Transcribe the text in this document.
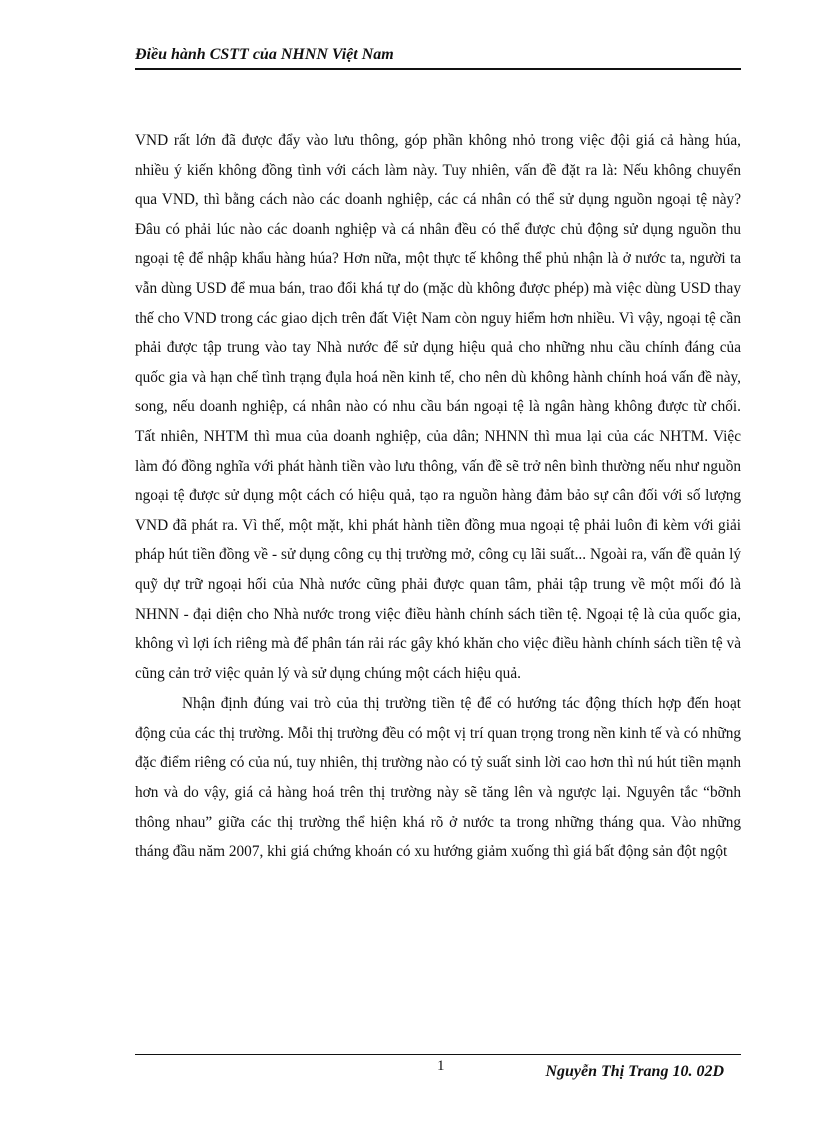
Điều hành CSTT của NHNN Việt Nam

VND rất lớn đã được đẩy vào lưu thông, góp phần không nhỏ trong việc đội giá cả hàng húa, nhiều ý kiến không đồng tình với cách làm này. Tuy nhiên, vấn đề đặt ra là: Nếu không chuyển qua VND, thì bằng cách nào các doanh nghiệp, các cá nhân có thể sử dụng nguồn ngoại tệ này? Đâu có phải lúc nào các doanh nghiệp và cá nhân đều có thể được chủ động sử dụng nguồn thu ngoại tệ để nhập khẩu hàng húa? Hơn nữa, một thực tế không thể phủ nhận là ở nước ta, người ta vẫn dùng USD để mua bán, trao đổi khá tự do (mặc dù không được phép) mà việc dùng USD thay thế cho VND trong các giao dịch trên đất Việt Nam còn nguy hiểm hơn nhiều. Vì vậy, ngoại tệ cần phải được tập trung vào tay Nhà nước để sử dụng hiệu quả cho những nhu cầu chính đáng của quốc gia và hạn chế tình trạng đụla hoá nền kinh tế, cho nên dù không hành chính hoá vấn đề này, song, nếu doanh nghiệp, cá nhân nào có nhu cầu bán ngoại tệ là ngân hàng không được từ chối. Tất nhiên, NHTM thì mua của doanh nghiệp, của dân; NHNN thì mua lại của các NHTM. Việc làm đó đồng nghĩa với phát hành tiền vào lưu thông, vấn đề sẽ trở nên bình thường nếu như nguồn ngoại tệ được sử dụng một cách có hiệu quả, tạo ra nguồn hàng đảm bảo sự cân đối với số lượng VND đã phát ra. Vì thế, một mặt, khi phát hành tiền đồng mua ngoại tệ phải luôn đi kèm với giải pháp hút tiền đồng về - sử dụng công cụ thị trường mở, công cụ lãi suất... Ngoài ra, vấn đề quản lý quỹ dự trữ ngoại hối của Nhà nước cũng phải được quan tâm, phải tập trung về một mối đó là NHNN - đại diện cho Nhà nước trong việc điều hành chính sách tiền tệ. Ngoại tệ là của quốc gia, không vì lợi ích riêng mà để phân tán rải rác gây khó khăn cho việc điều hành chính sách tiền tệ và cũng cản trở việc quản lý và sử dụng chúng một cách hiệu quả.

Nhận định đúng vai trò của thị trường tiền tệ để có hướng tác động thích hợp đến hoạt động của các thị trường. Mỗi thị trường đều có một vị trí quan trọng trong nền kinh tế và có những đặc điểm riêng có của nú, tuy nhiên, thị trường nào có tỷ suất sinh lời cao hơn thì nú hút tiền mạnh hơn và do vậy, giá cả hàng hoá trên thị trường này sẽ tăng lên và ngược lại. Nguyên tắc “bỡnh thông nhau” giữa các thị trường thể hiện khá rõ ở nước ta trong những tháng qua. Vào những tháng đầu năm 2007, khi giá chứng khoán có xu hướng giảm xuống thì giá bất động sản đột ngột

1	Nguyễn Thị Trang 10. 02D
